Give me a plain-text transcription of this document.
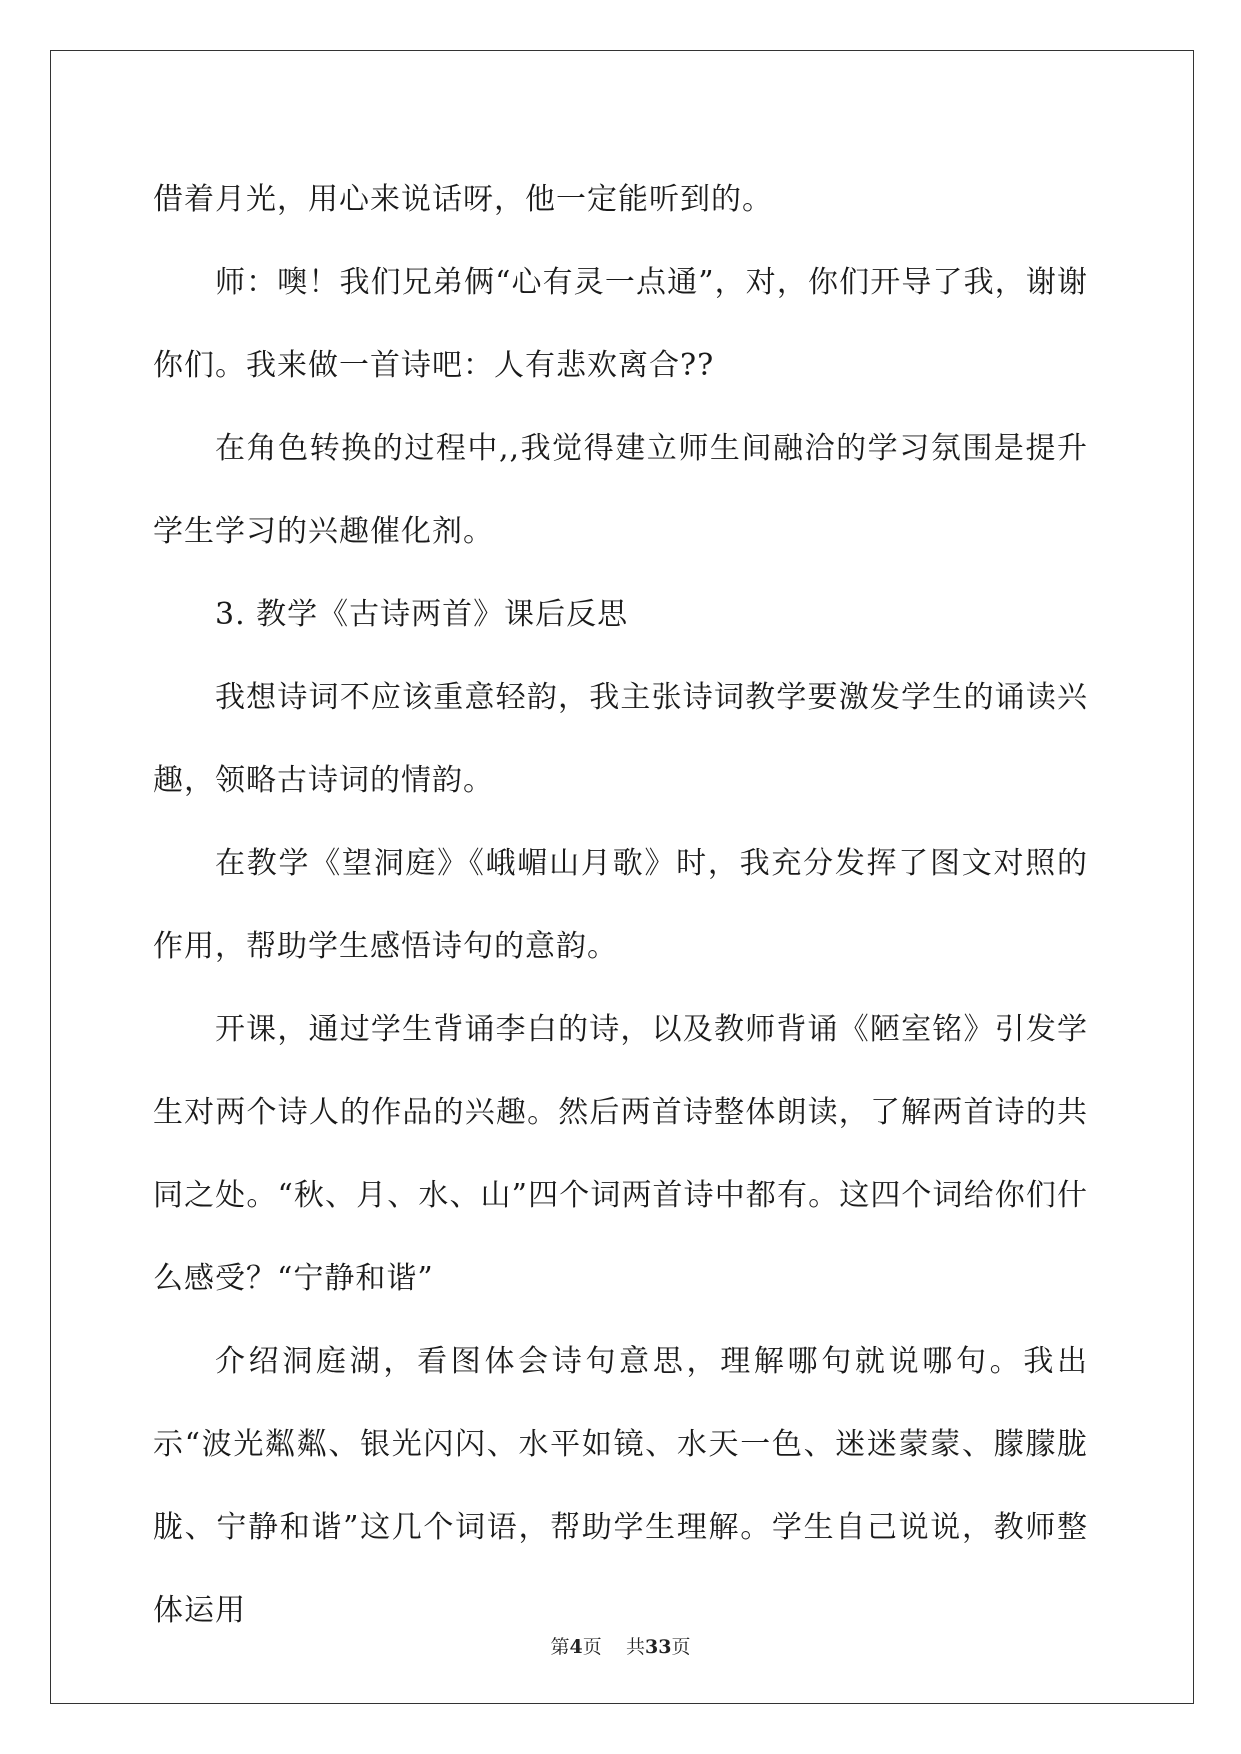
借着月光，用心来说话呀，他一定能听到的。

师：噢！我们兄弟俩“心有灵一点通”，对，你们开导了我，谢谢你们。我来做一首诗吧：人有悲欢离合??

在角色转换的过程中,,我觉得建立师生间融洽的学习氛围是提升学生学习的兴趣催化剂。

3. 教学《古诗两首》课后反思

我想诗词不应该重意轻韵，我主张诗词教学要激发学生的诵读兴趣，领略古诗词的情韵。

在教学《望洞庭》《峨嵋山月歌》时，我充分发挥了图文对照的作用，帮助学生感悟诗句的意韵。

开课，通过学生背诵李白的诗，以及教师背诵《陋室铭》引发学生对两个诗人的作品的兴趣。然后两首诗整体朗读，了解两首诗的共同之处。“秋、月、水、山”四个词两首诗中都有。这四个词给你们什么感受？“宁静和谐”

介绍洞庭湖，看图体会诗句意思，理解哪句就说哪句。我出示“波光粼粼、银光闪闪、水平如镜、水天一色、迷迷蒙蒙、朦朦胧胧、宁静和谐”这几个词语，帮助学生理解。学生自己说说，教师整体运用

第4页 共33页
